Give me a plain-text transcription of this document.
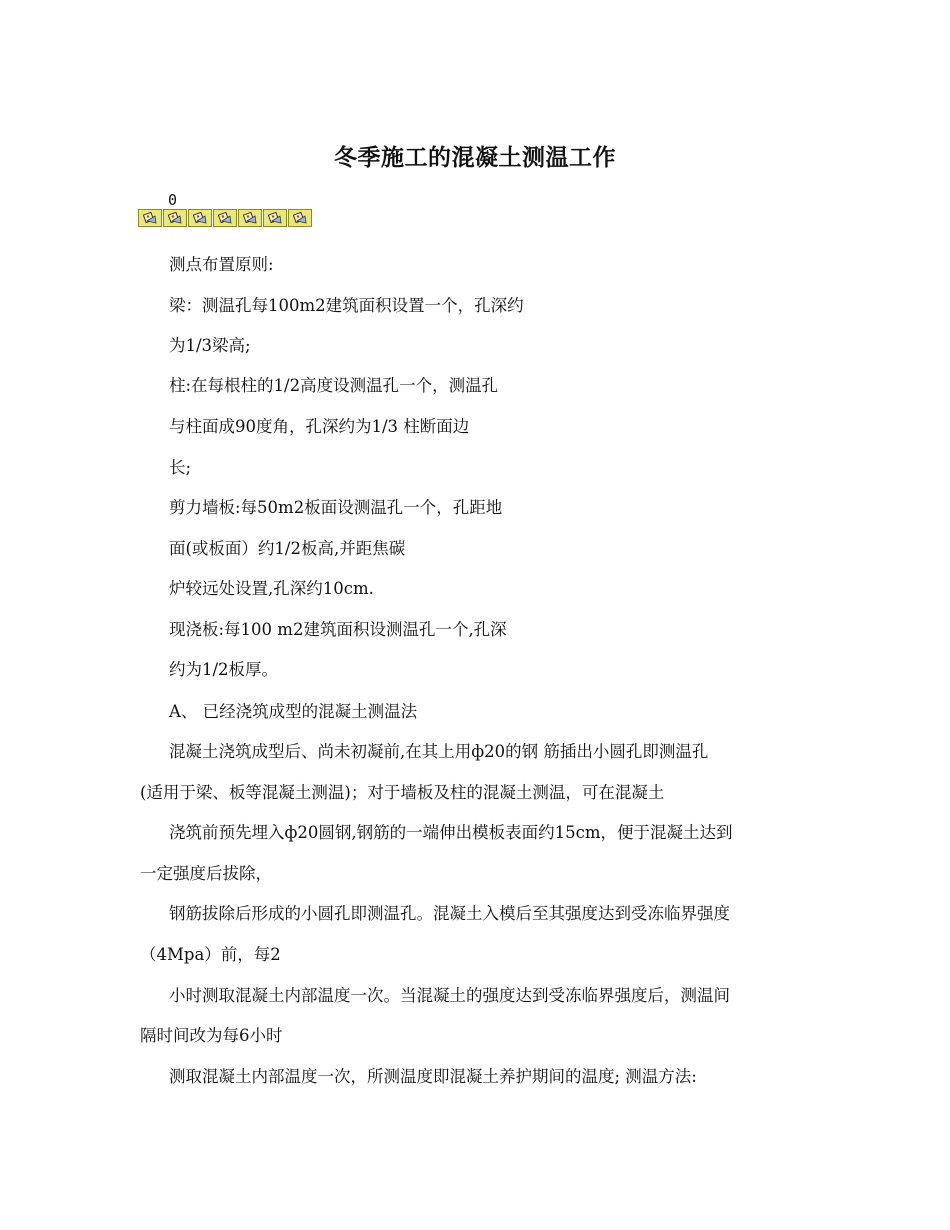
冬季施工的混凝土测温工作
0
测点布置原则:
梁：测温孔每100m2建筑面积设置一个，孔深约
为1/3梁高;
柱:在每根柱的1/2高度设测温孔一个，测温孔
与柱面成90度角，孔深约为1/3 柱断面边
长;
剪力墙板:每50m2板面设测温孔一个，孔距地
面(或板面）约1/2板高,并距焦碳
炉较远处设置,孔深约10cm.
现浇板:每100 m2建筑面积设测温孔一个,孔深
约为1/2板厚。
A、 已经浇筑成型的混凝土测温法
混凝土浇筑成型后、尚未初凝前,在其上用ф20的钢 筋插出小圆孔即测温孔
(适用于梁、板等混凝土测温)；对于墙板及柱的混凝土测温，可在混凝土
浇筑前预先埋入ф20圆钢,钢筋的一端伸出模板表面约15cm，便于混凝土达到
一定强度后拔除，
钢筋拔除后形成的小圆孔即测温孔。混凝土入模后至其强度达到受冻临界强度
（4Mpa）前，每2
小时测取混凝土内部温度一次。当混凝土的强度达到受冻临界强度后，测温间
隔时间改为每6小时
测取混凝土内部温度一次，所测温度即混凝土养护期间的温度; 测温方法:
